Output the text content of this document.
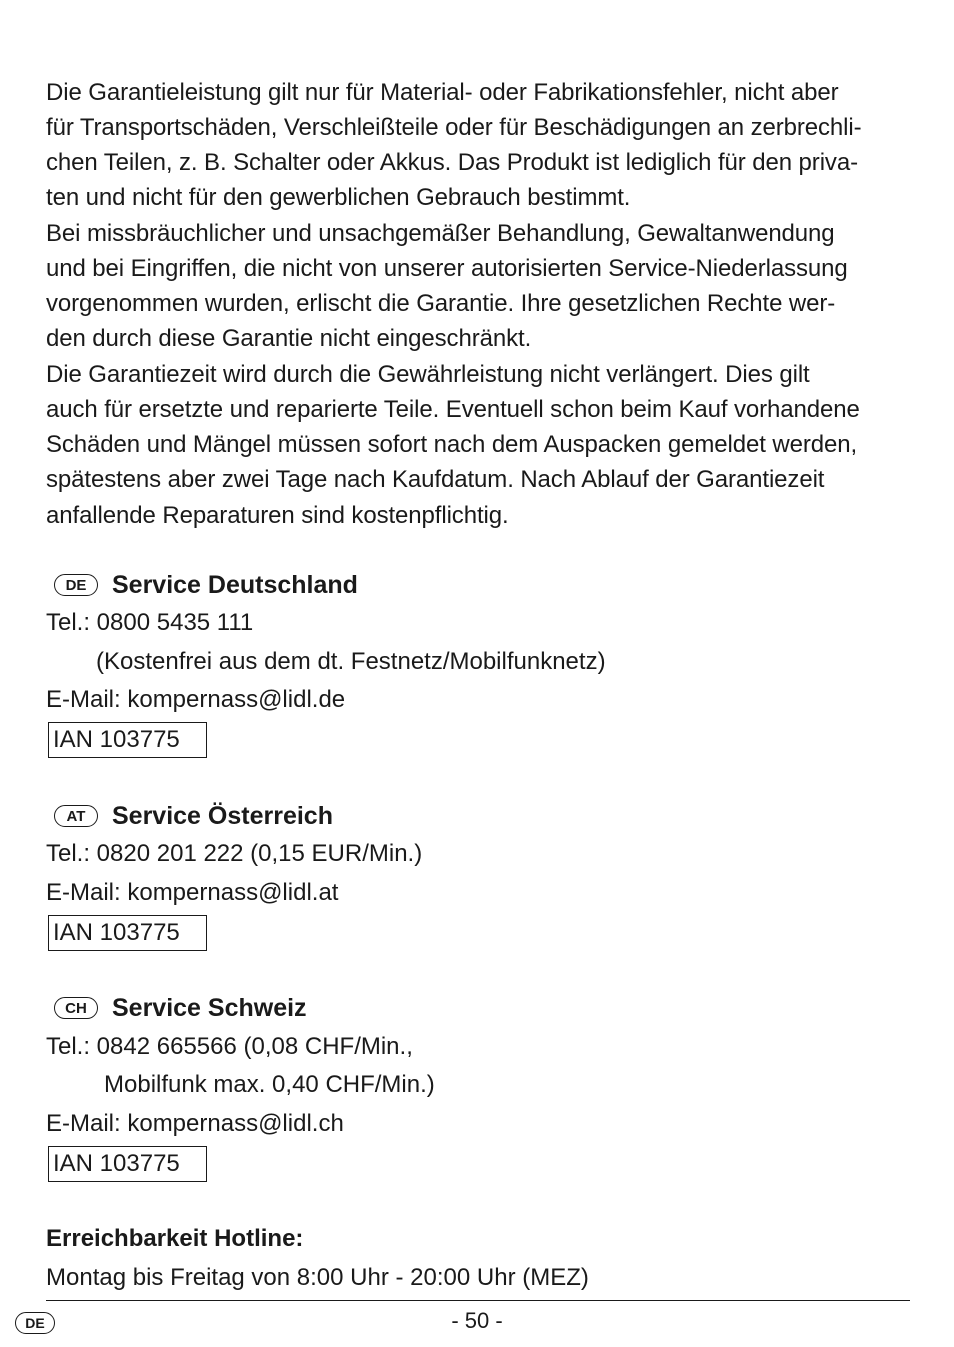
Die Garantieleistung gilt nur für Material- oder Fabrikationsfehler, nicht aber
für Transportschäden, Verschleißteile oder für Beschädigungen an zerbrechli-
chen Teilen, z. B. Schalter oder Akkus. Das Produkt ist lediglich für den priva-
ten und nicht für den gewerblichen Gebrauch bestimmt.
Bei missbräuchlicher und unsachgemäßer Behandlung, Gewaltanwendung
und bei Eingriffen, die nicht von unserer autorisierten Service-Niederlassung
vorgenommen wurden, erlischt die Garantie. Ihre gesetzlichen Rechte wer-
den durch diese Garantie nicht eingeschränkt.
Die Garantiezeit wird durch die Gewährleistung nicht verlängert. Dies gilt
auch für ersetzte und reparierte Teile. Eventuell schon beim Kauf vorhandene
Schäden und Mängel müssen sofort nach dem Auspacken gemeldet werden,
spätestens aber zwei Tage nach Kaufdatum. Nach Ablauf der Garantiezeit
anfallende Reparaturen sind kostenpflichtig.
DE	Service Deutschland
Tel.: 0800 5435 111
(Kostenfrei aus dem dt. Festnetz/Mobilfunknetz)
E-Mail: kompernass@lidl.de
IAN 103775
AT	Service Österreich
Tel.: 0820 201 222 (0,15 EUR/Min.)
E-Mail: kompernass@lidl.at
IAN 103775
CH	Service Schweiz
Tel.: 0842 665566 (0,08 CHF/Min.,
Mobilfunk max. 0,40 CHF/Min.)
E-Mail: kompernass@lidl.ch
IAN 103775
Erreichbarkeit Hotline:
Montag bis Freitag von 8:00 Uhr - 20:00 Uhr (MEZ)
DE	- 50 -
